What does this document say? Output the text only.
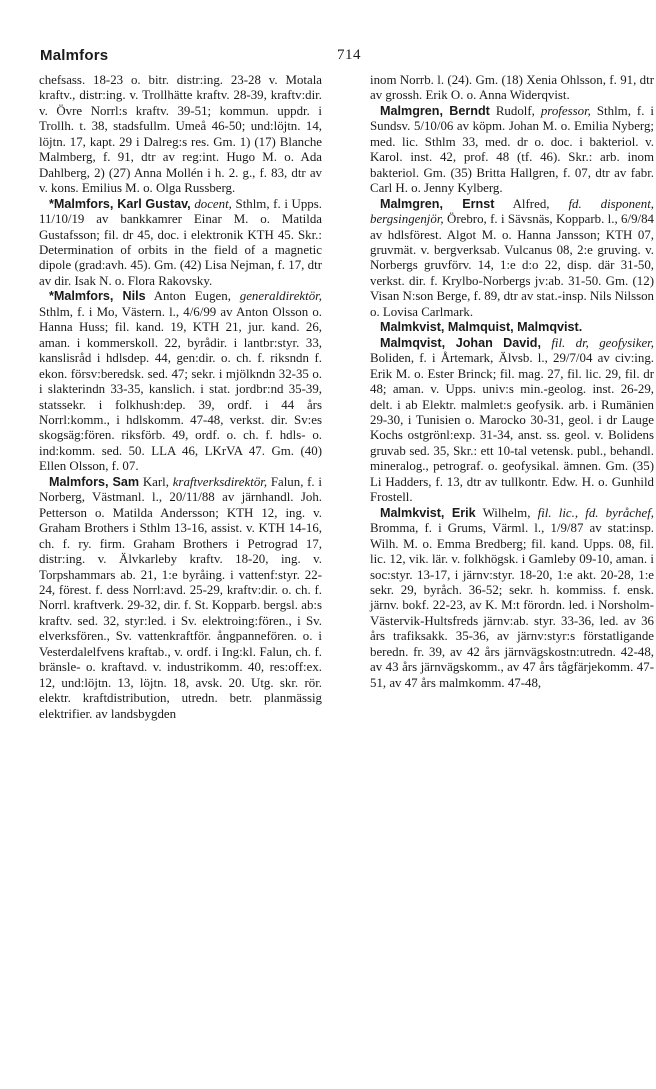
Malmfors	714

chefsass. 18-23 o. bitr. distr:ing. 23-28 v. Motala kraftv., distr:ing. v. Trollhätte kraftv. 28-39, kraftv:dir. v. Övre Norrl:s kraftv. 39-51; kommun. uppdr. i Trollh. t. 38, stadsfullm. Umeå 46-50; und:löjtn. 14, löjtn. 17, kapt. 29 i Dalreg:s res. Gm. 1) (17) Blanche Malmberg, f. 91, dtr av reg:int. Hugo M. o. Ada Dahlberg, 2) (27) Anna Mollén i h. 2. g., f. 83, dtr av v. kons. Emilius M. o. Olga Russberg.

*Malmfors, Karl Gustav, docent, Sthlm, f. i Upps. 11/10/19 av bankkamrer Einar M. o. Matilda Gustafsson; fil. dr 45, doc. i elektronik KTH 45. Skr.: Determination of orbits in the field of a magnetic dipole (grad:avh. 45). Gm. (42) Lisa Nejman, f. 17, dtr av dir. Isak N. o. Flora Rakovsky.

*Malmfors, Nils Anton Eugen, generaldirektör, Sthlm, f. i Mo, Västern. l., 4/6/99 av Anton Olsson o. Hanna Huss; fil. kand. 19, KTH 21, jur. kand. 26, aman. i kommerskoll. 22, byrådir. i lantbr:styr. 33, kanslisråd i hdlsdep. 44, gen:dir. o. ch. f. riksndn f. ekon. försv:beredsk. sed. 47; sekr. i mjölkndn 32-35 o. i slakterindn 33-35, kanslich. i stat. jordbr:nd 35-39, statssekr. i folkhush:dep. 39, ordf. i 44 års Norrl:komm., i hdlskomm. 47-48, verkst. dir. Sv:es skogsäg:fören. riksförb. 49, ordf. o. ch. f. hdls- o. ind:komm. sed. 50. LLA 46, LKrVA 47. Gm. (40) Ellen Olsson, f. 07.

Malmfors, Sam Karl, kraftverksdirektör, Falun, f. i Norberg, Västmanl. l., 20/11/88 av järnhandl. Joh. Petterson o. Matilda Andersson; KTH 12, ing. v. Graham Brothers i Sthlm 13-16, assist. v. KTH 14-16, ch. f. ry. firm. Graham Brothers i Petrograd 17, distr:ing. v. Älvkarleby kraftv. 18-20, ing. v. Torpshammars ab. 21, 1:e byråing. i vattenf:styr. 22-24, förest. f. dess Norrl:avd. 25-29, kraftv:dir. o. ch. f. Norrl. kraftverk. 29-32, dir. f. St. Kopparb. bergsl. ab:s kraftv. sed. 32, styr:led. i Sv. elektroing:fören., i Sv. elverksfören., Sv. vattenkraftför. ångpannefören. o. i Vesterdalelfvens kraftab., v. ordf. i Ing:kl. Falun, ch. f. bränsle- o. kraftavd. v. industrikomm. 40, res:off:ex. 12, und:löjtn. 13, löjtn. 18, avsk. 20. Utg. skr. rör. elektr. kraftdistribution, utredn. betr. planmässig elektrifier. av landsbygden

inom Norrb. l. (24). Gm. (18) Xenia Ohlsson, f. 91, dtr av grossh. Erik O. o. Anna Widerqvist.

Malmgren, Berndt Rudolf, professor, Sthlm, f. i Sundsv. 5/10/06 av köpm. Johan M. o. Emilia Nyberg; med. lic. Sthlm 33, med. dr o. doc. i bakteriol. v. Karol. inst. 42, prof. 48 (tf. 46). Skr.: arb. inom bakteriol. Gm. (35) Britta Hallgren, f. 07, dtr av fabr. Carl H. o. Jenny Kylberg.

Malmgren, Ernst Alfred, fd. disponent, bergsingenjör, Örebro, f. i Sävsnäs, Kopparb. l., 6/9/84 av hdlsförest. Algot M. o. Hanna Jansson; KTH 07, gruvmät. v. bergverksab. Vulcanus 08, 2:e gruving. v. Norbergs gruvförv. 14, 1:e d:o 22, disp. där 31-50, verkst. dir. f. Krylbo-Norbergs jv:ab. 31-50. Gm. (12) Visan N:son Berge, f. 89, dtr av stat.-insp. Nils Nilsson o. Lovisa Carlmark.

Malmkvist, Malmquist, Malmqvist.

Malmqvist, Johan David, fil. dr, geofysiker, Boliden, f. i Årtemark, Älvsb. l., 29/7/04 av civ:ing. Erik M. o. Ester Brinck; fil. mag. 27, fil. lic. 29, fil. dr 48; aman. v. Upps. univ:s min.-geolog. inst. 26-29, delt. i ab Elektr. malmlet:s geofysik. arb. i Rumänien 29-30, i Tunisien o. Marocko 30-31, geol. i dr Lauge Kochs ostgrönl:exp. 31-34, anst. ss. geol. v. Bolidens gruvab sed. 35, Skr.: ett 10-tal vetensk. publ., behandl. mineralog., petrograf. o. geofysikal. ämnen. Gm. (35) Li Hadders, f. 13, dtr av tullkontr. Edw. H. o. Gunhild Frostell.

Malmkvist, Erik Wilhelm, fil. lic., fd. byråchef, Bromma, f. i Grums, Värml. l., 1/9/87 av stat:insp. Wilh. M. o. Emma Bredberg; fil. kand. Upps. 08, fil. lic. 12, vik. lär. v. folkhögsk. i Gamleby 09-10, aman. i soc:styr. 13-17, i järnv:styr. 18-20, 1:e akt. 20-28, 1:e sekr. 29, byråch. 36-52; sekr. h. kommiss. f. ensk. järnv. bokf. 22-23, av K. M:t förordn. led. i Norsholm-Västervik-Hultsfreds järnv:ab. styr. 33-36, led. av 36 års trafiksakk. 35-36, av järnv:styr:s förstatligande beredn. fr. 39, av 42 års järnvägskostn:utredn. 42-48, av 43 års järnvägskomm., av 47 års tågfärjekomm. 47-51, av 47 års malmkomm. 47-48,
